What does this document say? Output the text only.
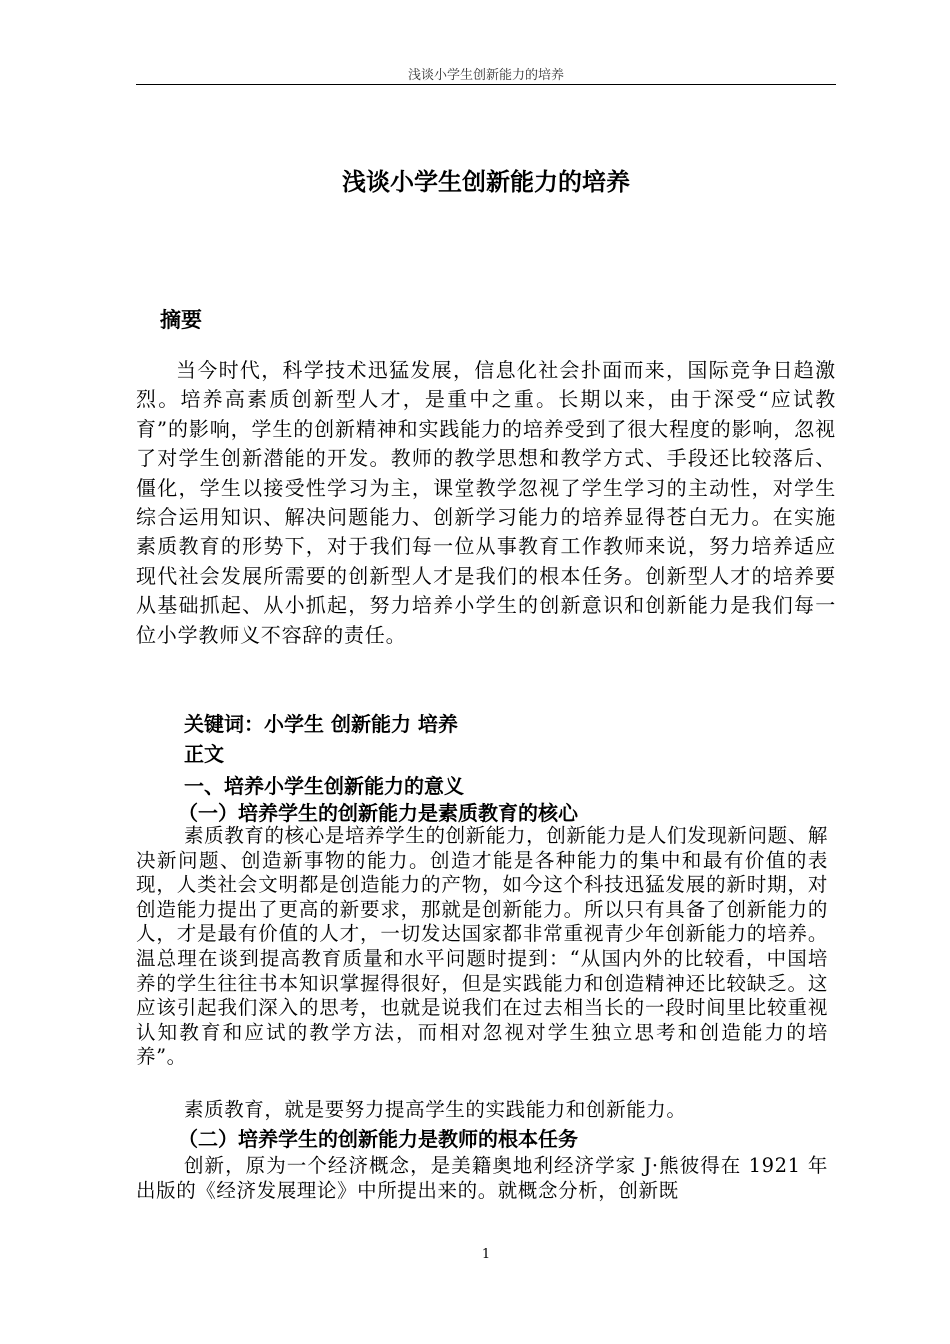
浅谈小学生创新能力的培养
浅谈小学生创新能力的培养
摘要

当今时代，科学技术迅猛发展，信息化社会扑面而来，国际竞争日趋激烈。培养高素质创新型人才，是重中之重。长期以来，由于深受“应试教育”的影响，学生的创新精神和实践能力的培养受到了很大程度的影响，忽视了对学生创新潜能的开发。教师的教学思想和教学方式、手段还比较落后、僵化，学生以接受性学习为主，课堂教学忽视了学生学习的主动性，对学生综合运用知识、解决问题能力、创新学习能力的培养显得苍白无力。在实施素质教育的形势下，对于我们每一位从事教育工作教师来说，努力培养适应现代社会发展所需要的创新型人才是我们的根本任务。创新型人才的培养要从基础抓起、从小抓起，努力培养小学生的创新意识和创新能力是我们每一位小学教师义不容辞的责任。

关键词：小学生 创新能力 培养

正文

一、培养小学生创新能力的意义

（一）培养学生的创新能力是素质教育的核心

素质教育的核心是培养学生的创新能力，创新能力是人们发现新问题、解决新问题、创造新事物的能力。创造才能是各种能力的集中和最有价值的表现，人类社会文明都是创造能力的产物，如今这个科技迅猛发展的新时期，对创造能力提出了更高的新要求，那就是创新能力。所以只有具备了创新能力的人，才是最有价值的人才，一切发达国家都非常重视青少年创新能力的培养。温总理在谈到提高教育质量和水平问题时提到：“从国内外的比较看，中国培养的学生往往书本知识掌握得很好，但是实践能力和创造精神还比较缺乏。这应该引起我们深入的思考，也就是说我们在过去相当长的一段时间里比较重视认知教育和应试的教学方法，而相对忽视对学生独立思考和创造能力的培养”。

素质教育，就是要努力提高学生的实践能力和创新能力。

（二）培养学生的创新能力是教师的根本任务

创新，原为一个经济概念，是美籍奥地利经济学家 J·熊彼得在 1921 年出版的《经济发展理论》中所提出来的。就概念分析，创新既

1
